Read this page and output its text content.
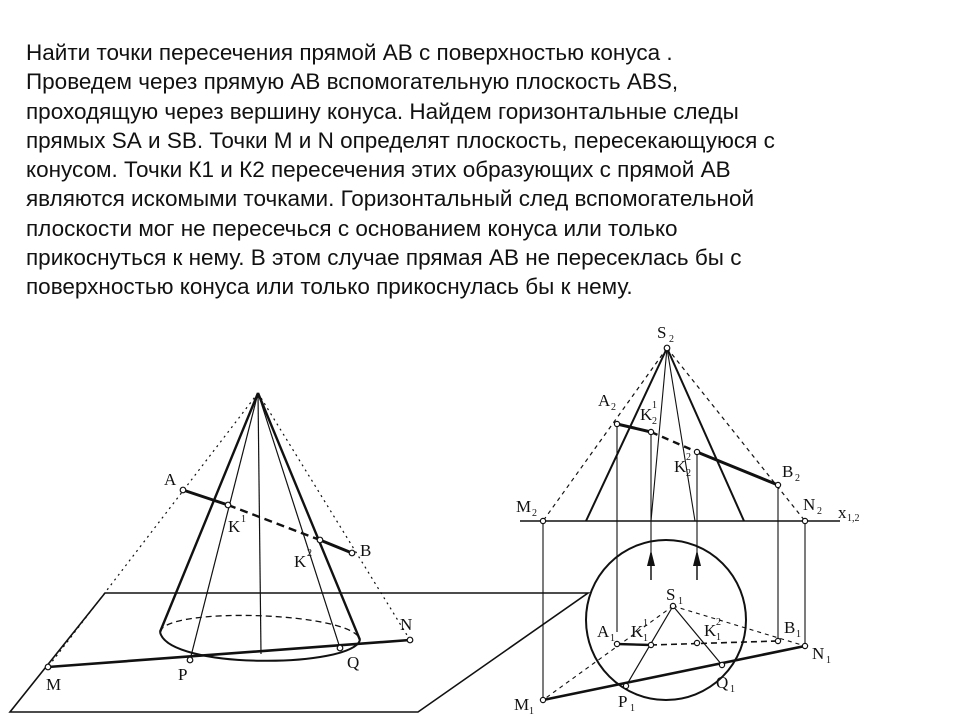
Найти точки пересечения прямой АВ с поверхностью конуса .
Проведем через прямую АВ вспомогательную плоскость АВS,
проходящую через вершину конуса. Найдем горизонтальные следы
прямых SА и SВ. Точки М и N определят плоскость, пересекающуюся с
конусом. Точки К1 и К2 пересечения этих образующих с прямой АВ
являются искомыми точками. Горизонтальный след вспомогательной
плоскости мог не пересечься с основанием конуса или только
прикоснуться к нему. В этом случае прямая АВ не пересеклась бы с
поверхностью конуса или только прикоснулась бы к нему.
A
B
K 1
K 2
M
N
P
Q
S 2
A 2 K 1
2
K 2
2	B 2
M 2	N 2 x 1,2
S 1
A 1 K 1
1	K 2
1
B 1
N 1
M 1
P 1
Q 1
